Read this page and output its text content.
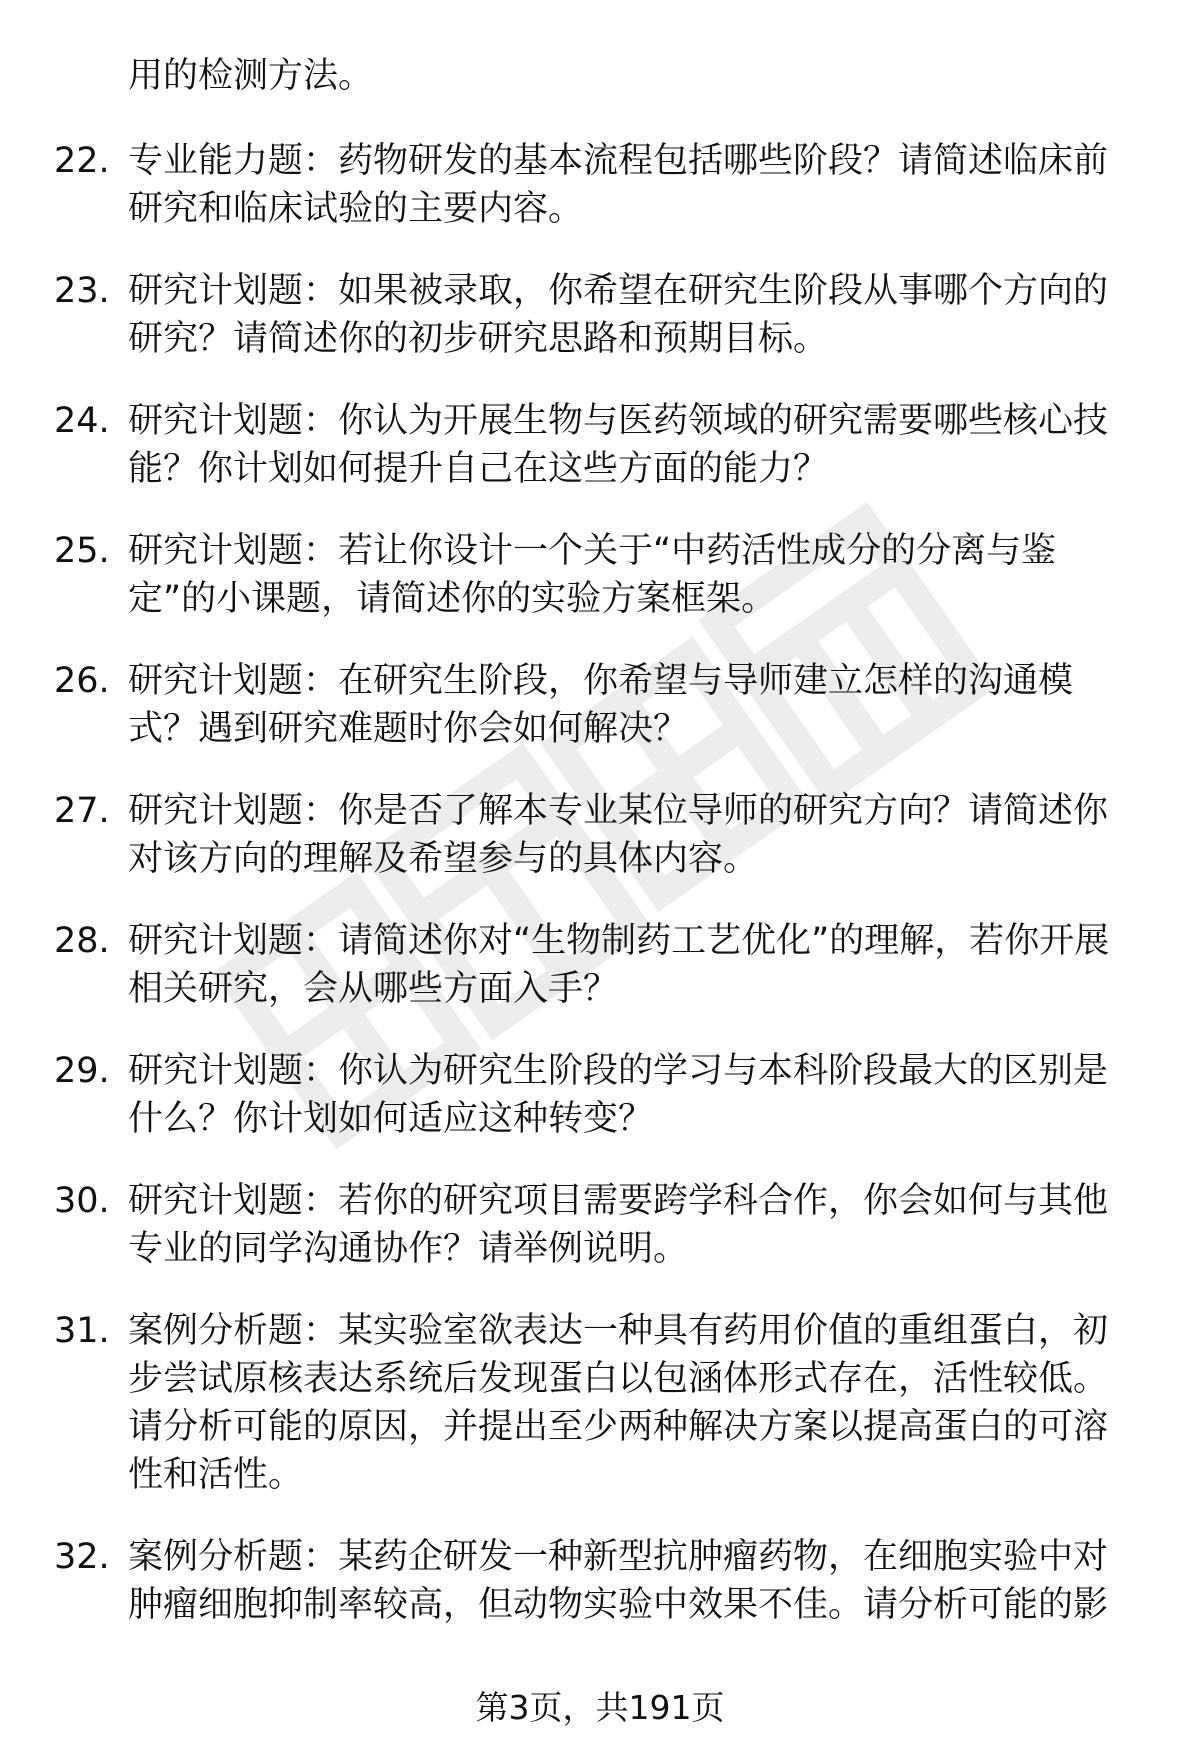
用的检测方法。

22. 专业能力题：药物研发的基本流程包括哪些阶段？请简述临床前研究和临床试验的主要内容。
23. 研究计划题：如果被录取，你希望在研究生阶段从事哪个方向的研究？请简述你的初步研究思路和预期目标。
24. 研究计划题：你认为开展生物与医药领域的研究需要哪些核心技能？你计划如何提升自己在这些方面的能力？
25. 研究计划题：若让你设计一个关于“中药活性成分的分离与鉴定”的小课题，请简述你的实验方案框架。
26. 研究计划题：在研究生阶段，你希望与导师建立怎样的沟通模式？遇到研究难题时你会如何解决？
27. 研究计划题：你是否了解本专业某位导师的研究方向？请简述你对该方向的理解及希望参与的具体内容。
28. 研究计划题：请简述你对“生物制药工艺优化”的理解，若你开展相关研究，会从哪些方面入手？
29. 研究计划题：你认为研究生阶段的学习与本科阶段最大的区别是什么？你计划如何适应这种转变？
30. 研究计划题：若你的研究项目需要跨学科合作，你会如何与其他专业的同学沟通协作？请举例说明。
31. 案例分析题：某实验室欲表达一种具有药用价值的重组蛋白，初步尝试原核表达系统后发现蛋白以包涵体形式存在，活性较低。请分析可能的原因，并提出至少两种解决方案以提高蛋白的可溶性和活性。
32. 案例分析题：某药企研发一种新型抗肿瘤药物，在细胞实验中对肿瘤细胞抑制率较高，但动物实验中效果不佳。请分析可能的影
第3页，共191页
